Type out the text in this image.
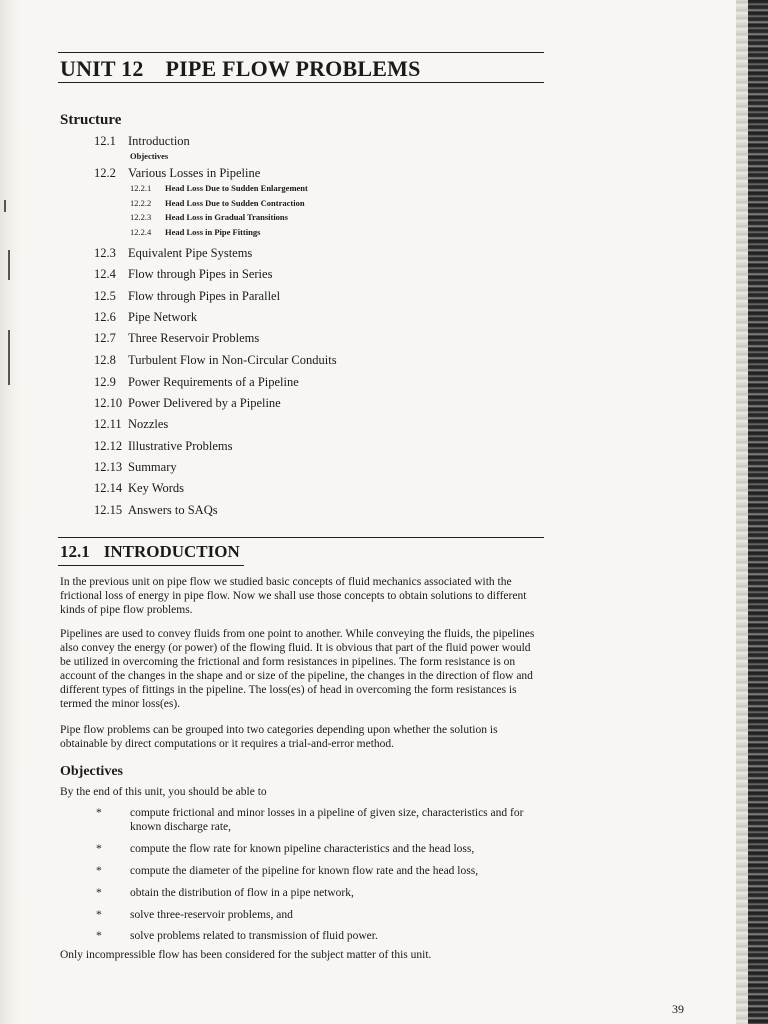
UNIT 12 PIPE FLOW PROBLEMS
Structure
12.1 Introduction
Objectives
12.2 Various Losses in Pipeline
12.2.1 Head Loss Due to Sudden Enlargement
12.2.2 Head Loss Due to Sudden Contraction
12.2.3 Head Loss in Gradual Transitions
12.2.4 Head Loss in Pipe Fittings
12.3 Equivalent Pipe Systems
12.4 Flow through Pipes in Series
12.5 Flow through Pipes in Parallel
12.6 Pipe Network
12.7 Three Reservoir Problems
12.8 Turbulent Flow in Non-Circular Conduits
12.9 Power Requirements of a Pipeline
12.10 Power Delivered by a Pipeline
12.11 Nozzles
12.12 Illustrative Problems
12.13 Summary
12.14 Key Words
12.15 Answers to SAQs
12.1 INTRODUCTION
In the previous unit on pipe flow we studied basic concepts of fluid mechanics associated with the frictional loss of energy in pipe flow. Now we shall use those concepts to obtain solutions to different kinds of pipe flow problems.
Pipelines are used to convey fluids from one point to another. While conveying the fluids, the pipelines also convey the energy (or power) of the flowing fluid. It is obvious that part of the fluid power would be utilized in overcoming the frictional and form resistances in pipelines. The form resistance is on account of the changes in the shape and or size of the pipeline, the changes in the direction of flow and different types of fittings in the pipeline. The loss(es) of head in overcoming the form resistances is termed the minor loss(es).
Pipe flow problems can be grouped into two categories depending upon whether the solution is obtainable by direct computations or it requires a trial-and-error method.
Objectives
By the end of this unit, you should be able to
* compute frictional and minor losses in a pipeline of given size, characteristics and for known discharge rate,
* compute the flow rate for known pipeline characteristics and the head loss,
* compute the diameter of the pipeline for known flow rate and the head loss,
* obtain the distribution of flow in a pipe network,
* solve three-reservoir problems, and
* solve problems related to transmission of fluid power.
Only incompressible flow has been considered for the subject matter of this unit.
39
